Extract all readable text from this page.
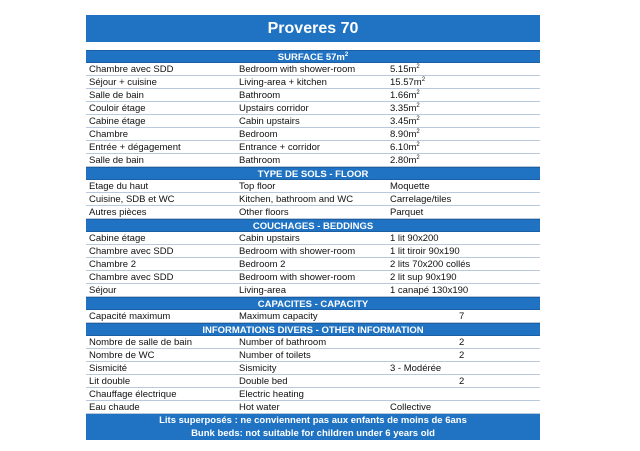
Proveres 70
SURFACE $57m^2$
Chambre avec SDD	Bedroom with shower-room	$5.15m^2$
Séjour + cuisine	Living-area + kitchen	$15.57m^2$
Salle de bain	Bathroom	$1.66m^2$
Couloir étage	Upstairs corridor	$3.35m^2$
Cabine étage	Cabin upstairs	$3.45m^2$
Chambre	Bedroom	$8.90m^2$
Entrée + dégagement	Entrance + corridor	$6.10m^2$
Salle de bain	Bathroom	$2.80m^2$
TYPE DE SOLS - FLOOR
Etage du haut	Top floor	Moquette
Cuisine, SDB et WC	Kitchen, bathroom and WC	Carrelage/tiles
Autres pièces	Other floors	Parquet
COUCHAGES - BEDDINGS
Cabine étage	Cabin upstairs	1 lit 90x200
Chambre avec SDD	Bedroom with shower-room	1 lit tiroir 90x190
Chambre 2	Bedroom 2	2 lits 70x200 collés
Chambre avec SDD	Bedroom with shower-room	2 lit sup 90x190
Séjour	Living-area	1 canapé 130x190
CAPACITES - CAPACITY
Capacité maximum	Maximum capacity	7
INFORMATIONS DIVERS - OTHER INFORMATION
Nombre de salle de bain	Number of bathroom	2
Nombre de WC	Number of toilets	2
Sismicité	Sismicity	3 - Modérée
Lit double	Double bed	2
Chauffage électrique	Electric heating
Eau chaude	Hot water	Collective
Lits superposés : ne conviennent pas aux enfants de moins de 6ans
Bunk beds: not suitable for children under 6 years old
